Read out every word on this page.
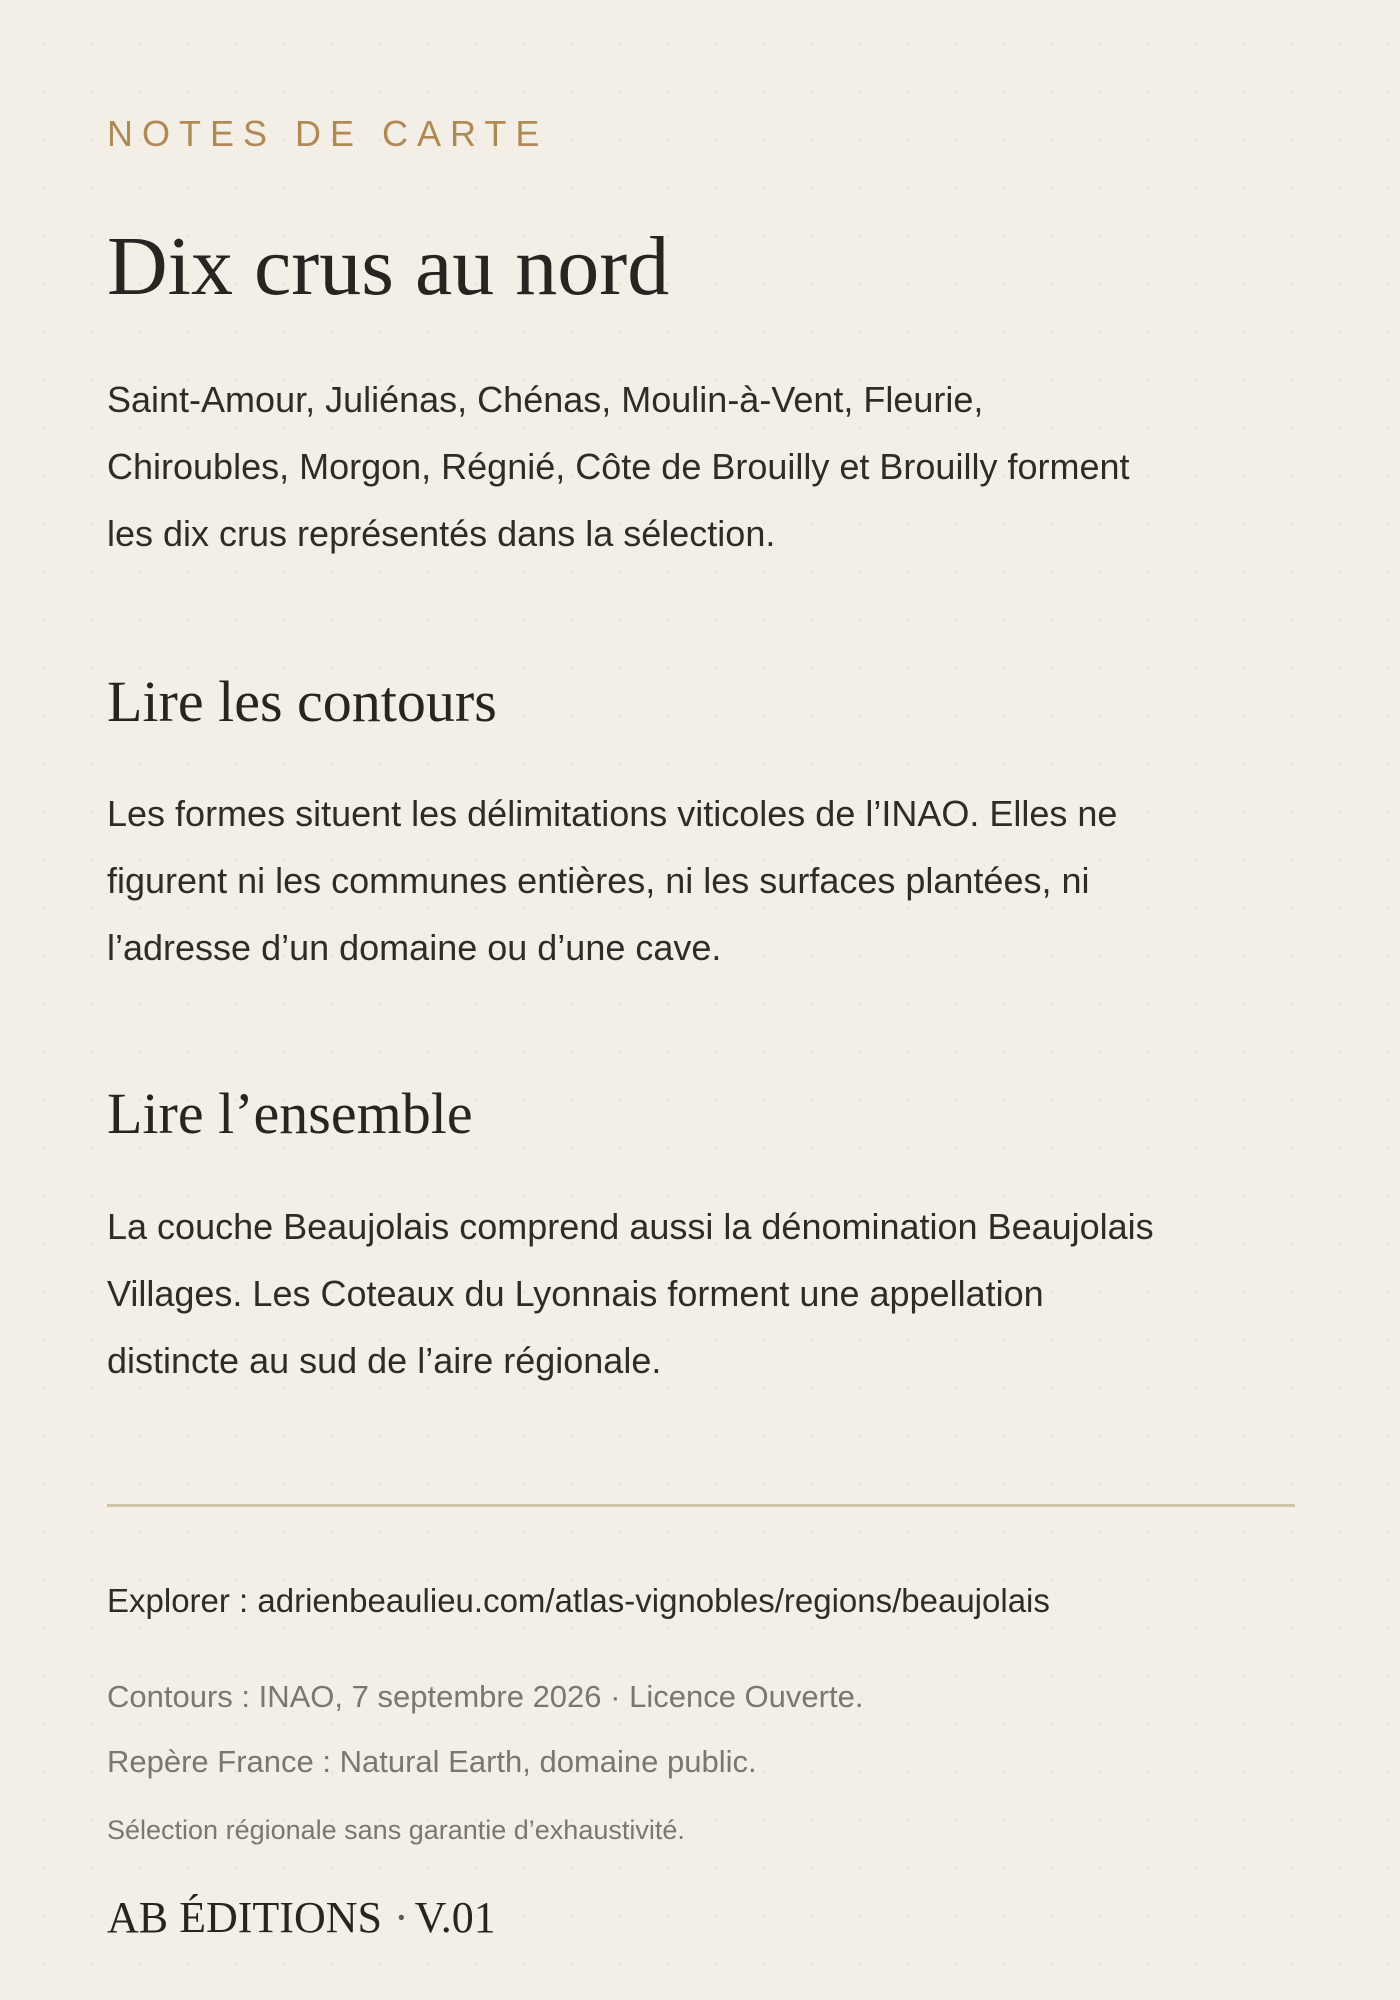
NOTES DE CARTE
Dix crus au nord

Saint-Amour, Juliénas, Chénas, Moulin-à-Vent, Fleurie, Chiroubles, Morgon, Régnié, Côte de Brouilly et Brouilly forment les dix crus représentés dans la sélection.

Lire les contours

Les formes situent les délimitations viticoles de l’INAO. Elles ne figurent ni les communes entières, ni les surfaces plantées, ni l’adresse d’un domaine ou d’une cave.

Lire l’ensemble

La couche Beaujolais comprend aussi la dénomination Beaujolais Villages. Les Coteaux du Lyonnais forment une appellation distincte au sud de l’aire régionale.

Explorer : adrienbeaulieu.com/atlas-vignobles/regions/beaujolais
Contours : INAO, 7 septembre 2026 · Licence Ouverte.
Repère France : Natural Earth, domaine public.
Sélection régionale sans garantie d’exhaustivité.
AB ÉDITIONS · V.01
